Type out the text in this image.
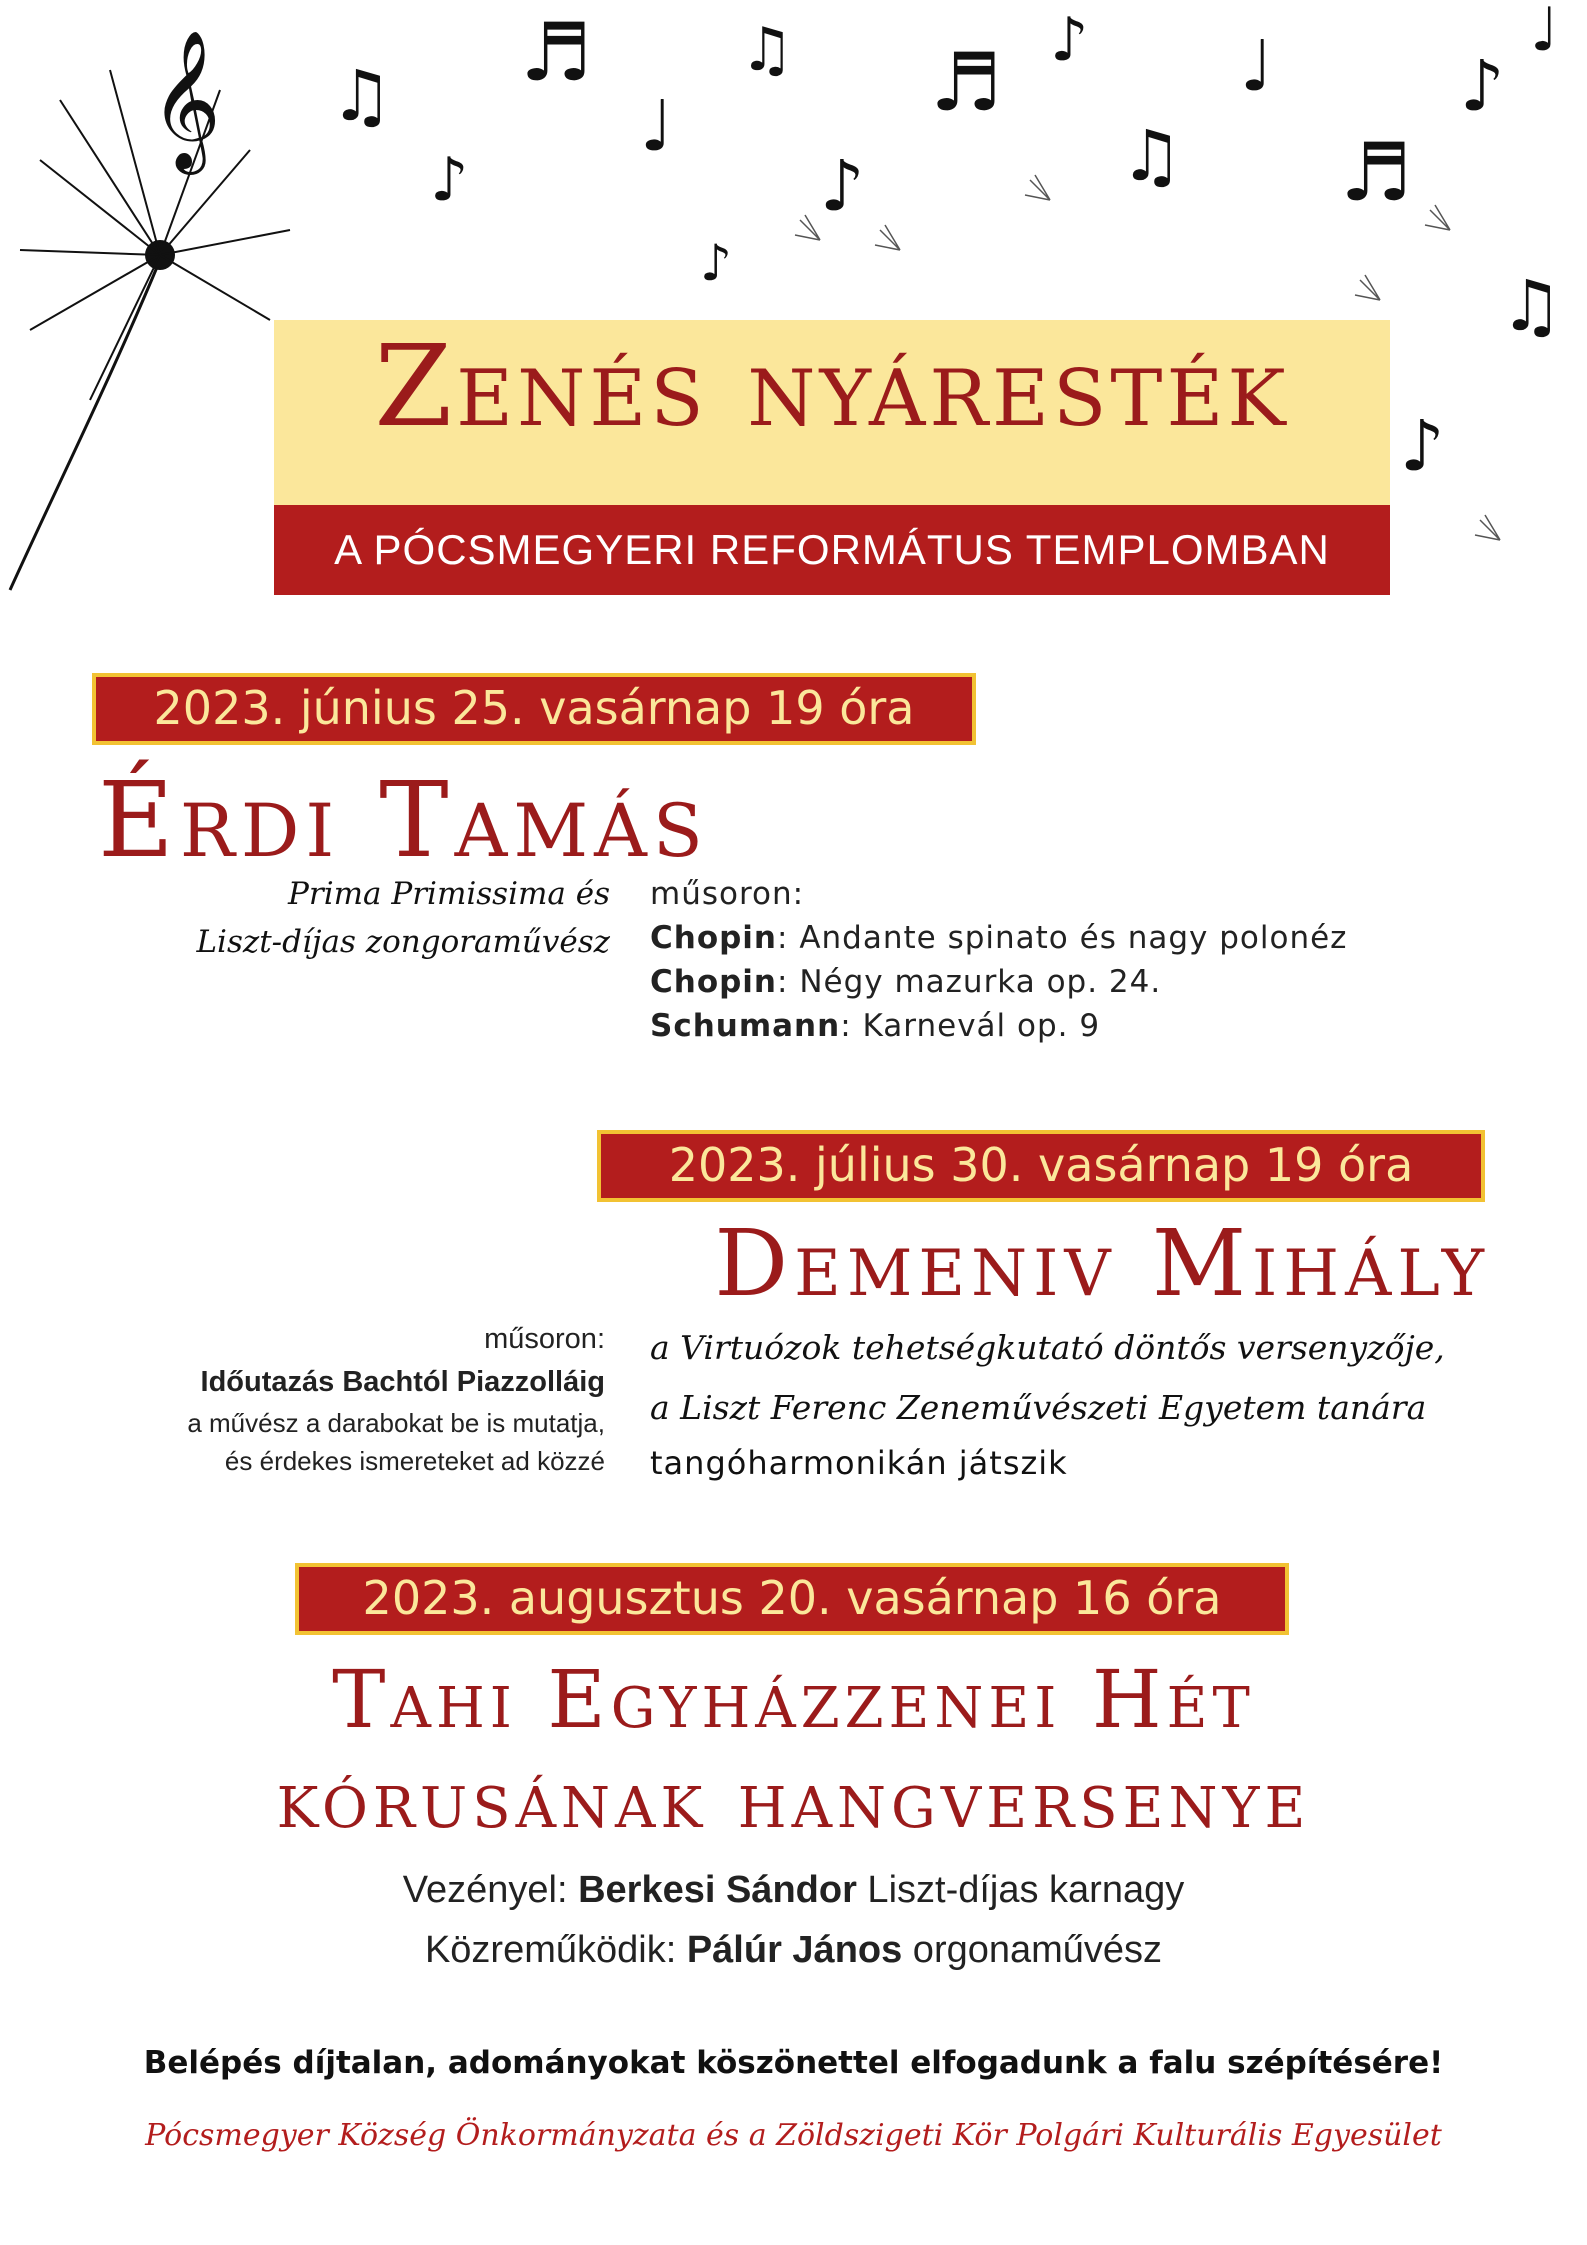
𝄞 ♫
♪
♬
♩
♫
♪
♬ ♪
♫
♩
♬
♪
♫
♪
♪
♩
Zenés nyáresték
A PÓCSMEGYERI REFORMÁTUS TEMPLOMBAN
2023. június 25. vasárnap 19 óra
Érdi Tamás
Prima Primissima és
Liszt-díjas zongoraművész
műsoron:
Chopin: Andante spinato és nagy polonéz
Chopin: Négy mazurka op. 24.
Schumann: Karnevál op. 9
2023. július 30. vasárnap 19 óra
Demeniv Mihály
műsoron:
Időutazás Bachtól Piazzolláig
a művész a darabokat be is mutatja,
és érdekes ismereteket ad közzé
a Virtuózok tehetségkutató döntős versenyzője,
a Liszt Ferenc Zeneművészeti Egyetem tanára
tangóharmonikán játszik
2023. augusztus 20. vasárnap 16 óra
Tahi Egyházzenei Hét
kórusának hangversenye
Vezényel: Berkesi Sándor Liszt-díjas karnagy
Közreműködik: Pálúr János orgonaművész
Belépés díjtalan, adományokat köszönettel elfogadunk a falu szépítésére!
Pócsmegyer Község Önkormányzata és a Zöldszigeti Kör Polgári Kulturális Egyesület
